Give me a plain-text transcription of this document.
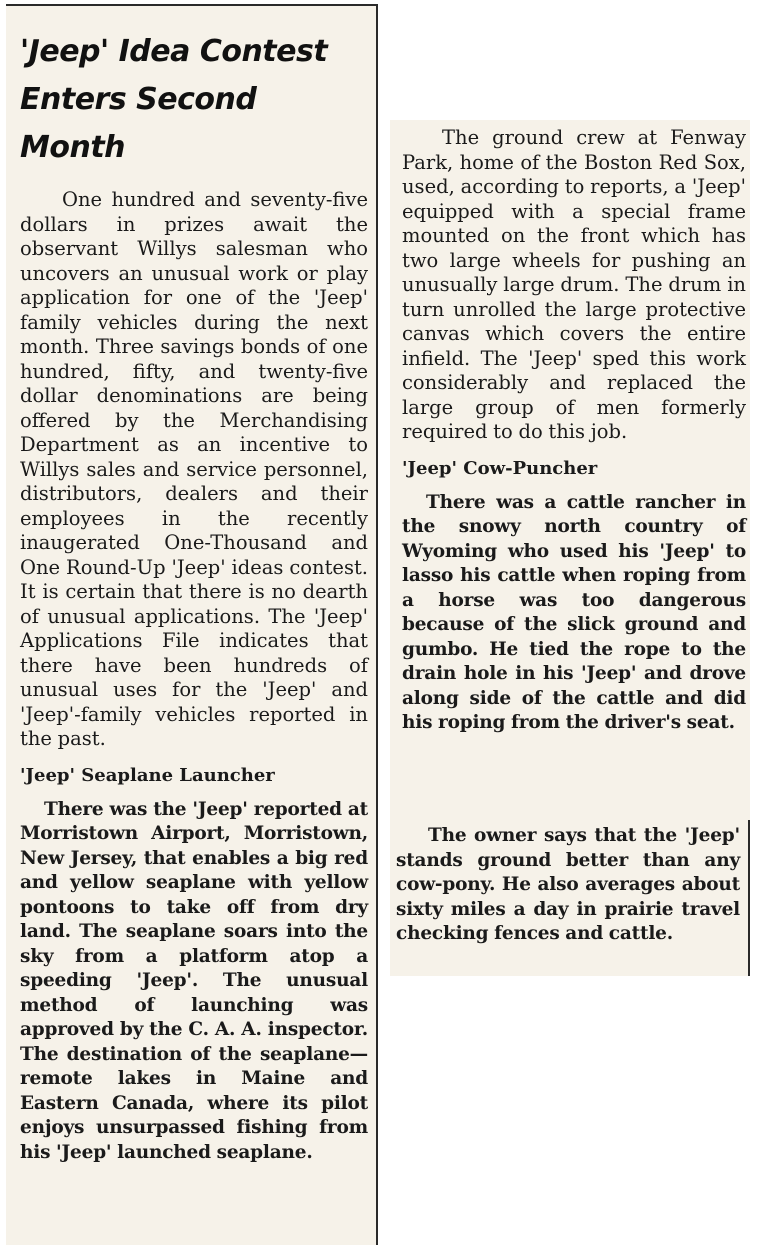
'Jeep' Idea Contest
Enters Second Month

One hundred and seventy-five dollars in prizes await the observant Willys salesman who uncovers an unusual work or play application for one of the 'Jeep' family vehicles during the next month. Three savings bonds of one hundred, fifty, and twenty-five dollar denominations are being offered by the Merchandising Department as an incentive to Willys sales and service personnel, distributors, dealers and their employees in the recently inaugerated One-Thousand and One Round-Up 'Jeep' ideas contest. It is certain that there is no dearth of unusual applications. The 'Jeep' Applications File indicates that there have been hundreds of unusual uses for the 'Jeep' and 'Jeep'-family vehicles reported in the past.

'Jeep' Seaplane Launcher

There was the 'Jeep' reported at Morristown Airport, Morristown, New Jersey, that enables a big red and yellow seaplane with yellow pontoons to take off from dry land. The seaplane soars into the sky from a platform atop a speeding 'Jeep'. The unusual method of launching was approved by the C. A. A. inspector. The destination of the seaplane—remote lakes in Maine and Eastern Canada, where its pilot enjoys unsurpassed fishing from his 'Jeep' launched seaplane.

The ground crew at Fenway Park, home of the Boston Red Sox, used, according to reports, a 'Jeep' equipped with a special frame mounted on the front which has two large wheels for pushing an unusually large drum. The drum in turn unrolled the large protective canvas which covers the entire infield. The 'Jeep' sped this work considerably and replaced the large group of men formerly required to do this job.

'Jeep' Cow-Puncher

There was a cattle rancher in the snowy north country of Wyoming who used his 'Jeep' to lasso his cattle when roping from a horse was too dangerous because of the slick ground and gumbo. He tied the rope to the drain hole in his 'Jeep' and drove along side of the cattle and did his roping from the driver's seat.

The owner says that the 'Jeep' stands ground better than any cow-pony. He also averages about sixty miles a day in prairie travel checking fences and cattle.
